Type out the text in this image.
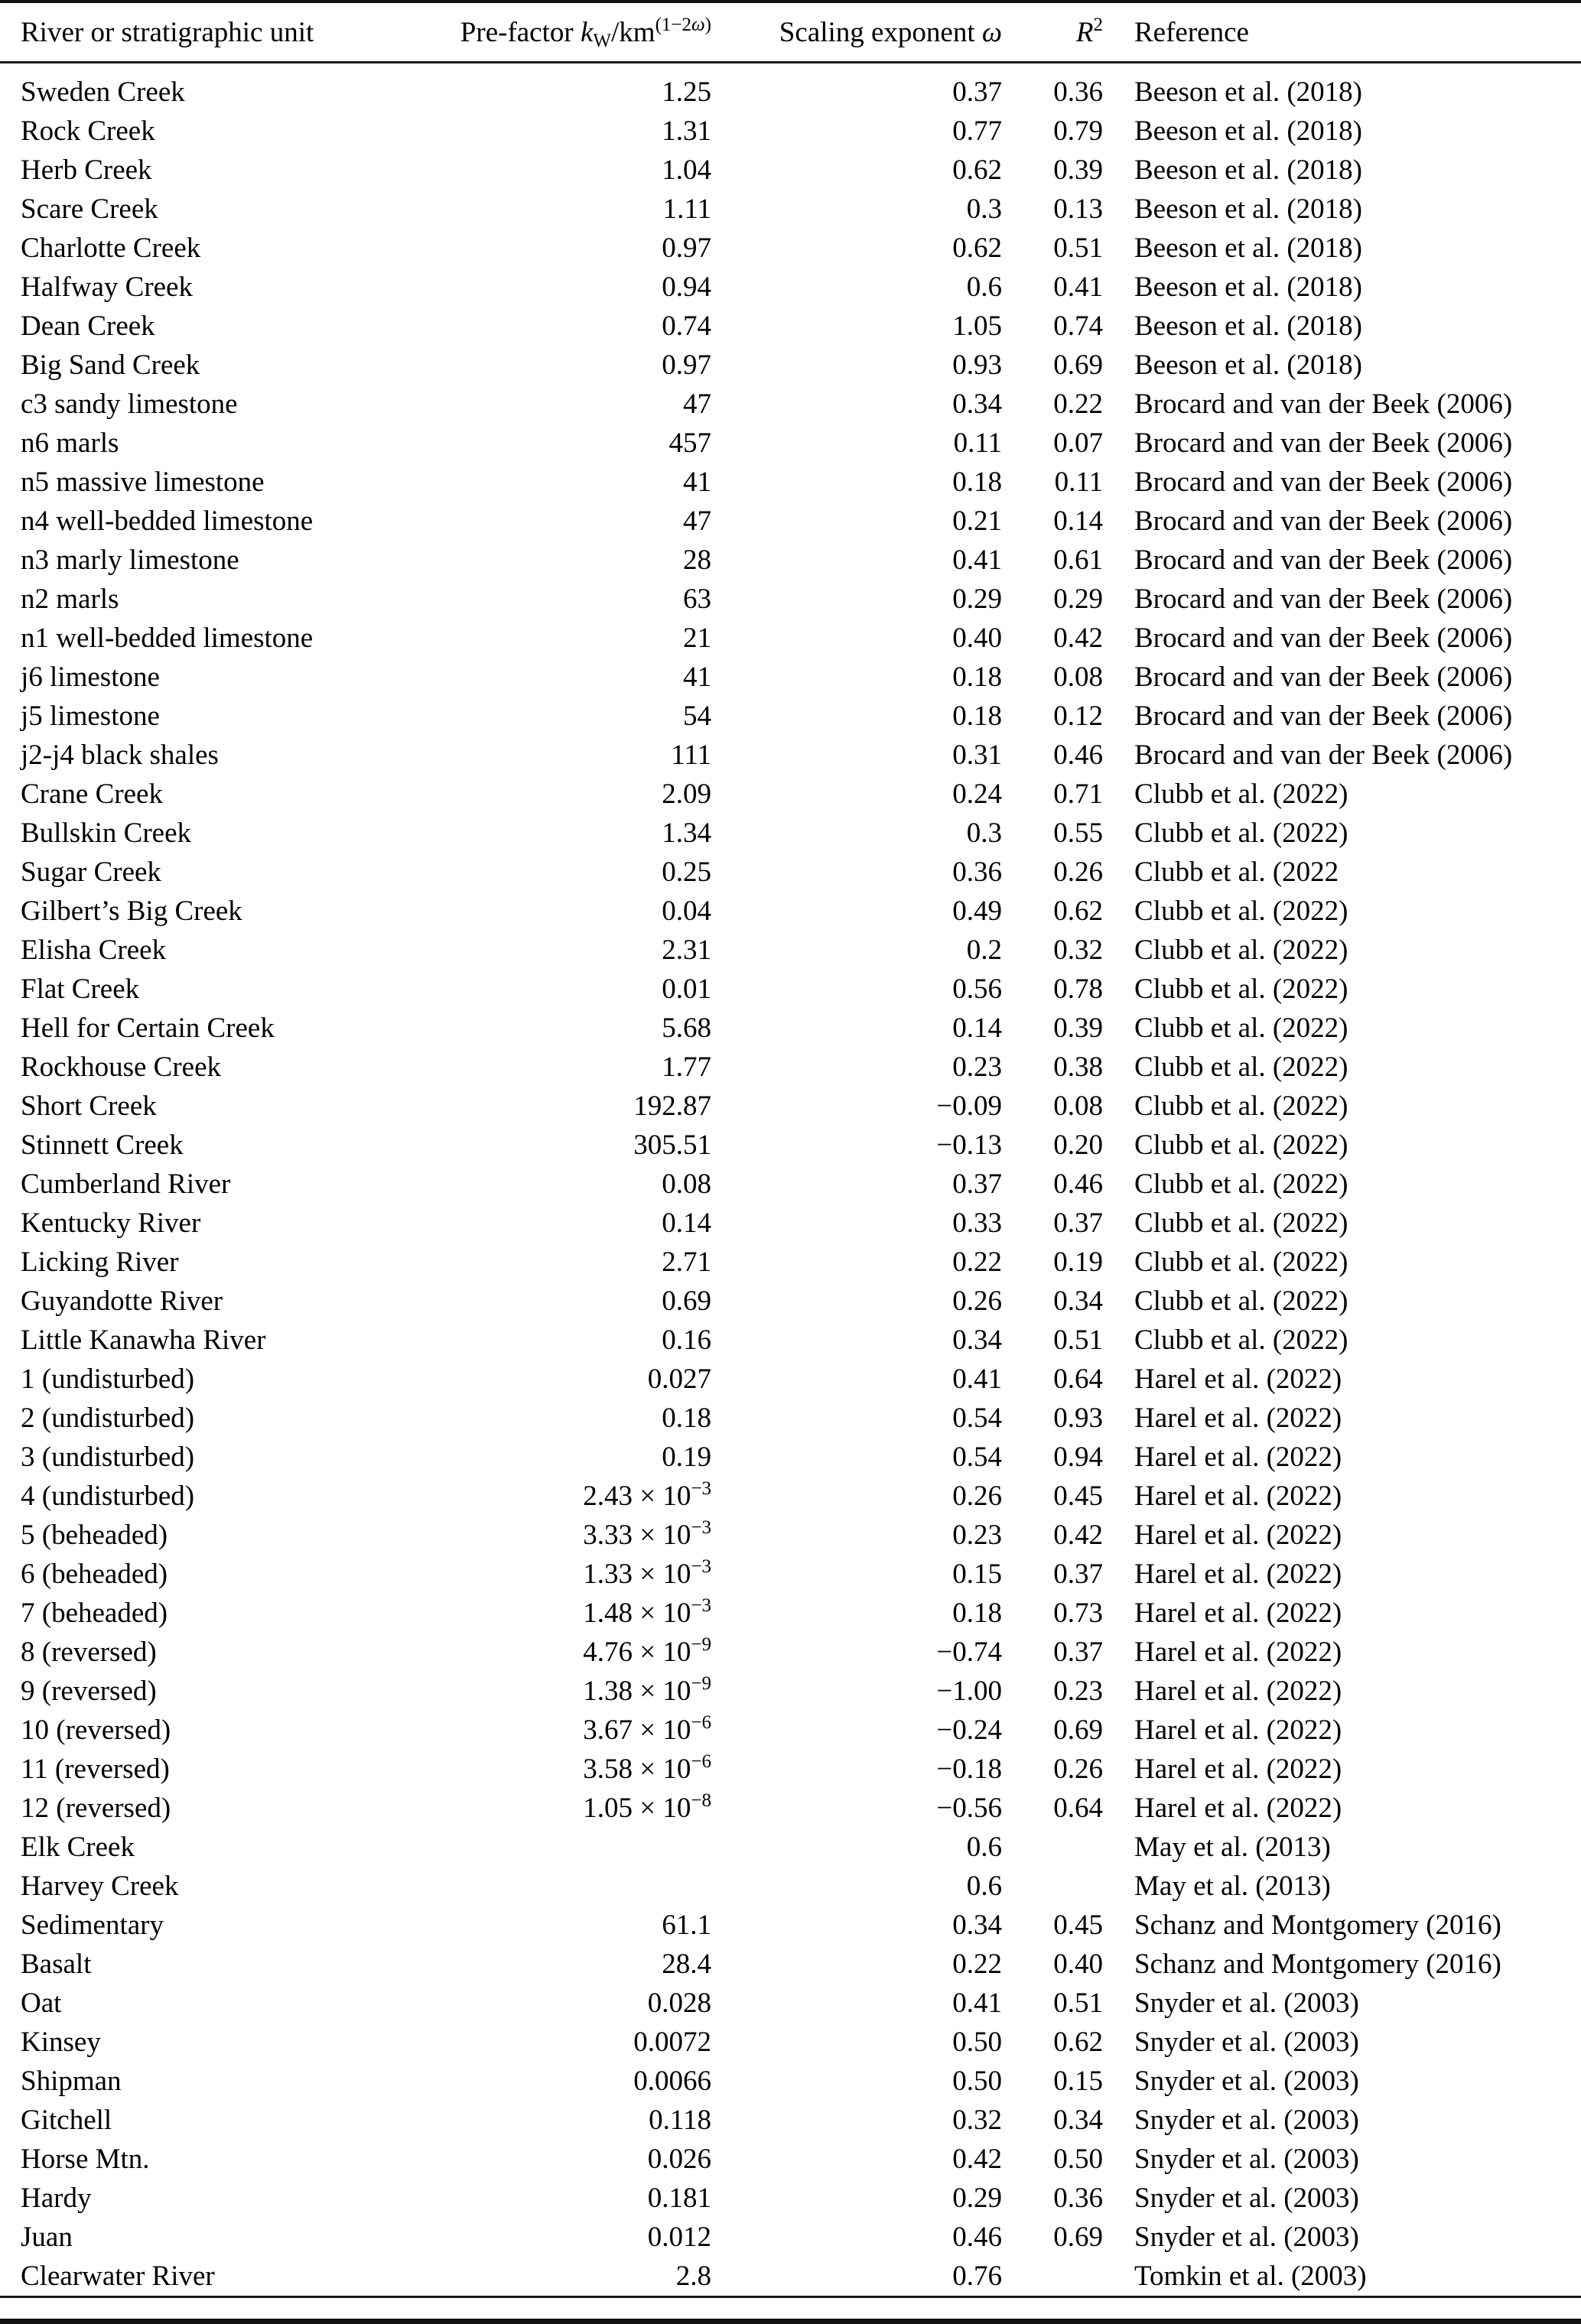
River or stratigraphic unit	Pre-factor $k_W/km^{(1-2\omega)}$	Scaling exponent ω	$R^2$	Reference
Sweden Creek	1.25	0.37	0.36	Beeson et al. (2018)
Rock Creek	1.31	0.77	0.79	Beeson et al. (2018)
Herb Creek	1.04	0.62	0.39	Beeson et al. (2018)
Scare Creek	1.11	0.3	0.13	Beeson et al. (2018)
Charlotte Creek	0.97	0.62	0.51	Beeson et al. (2018)
Halfway Creek	0.94	0.6	0.41	Beeson et al. (2018)
Dean Creek	0.74	1.05	0.74	Beeson et al. (2018)
Big Sand Creek	0.97	0.93	0.69	Beeson et al. (2018)
c3 sandy limestone	47	0.34	0.22	Brocard and van der Beek (2006)
n6 marls	457	0.11	0.07	Brocard and van der Beek (2006)
n5 massive limestone	41	0.18	0.11	Brocard and van der Beek (2006)
n4 well-bedded limestone	47	0.21	0.14	Brocard and van der Beek (2006)
n3 marly limestone	28	0.41	0.61	Brocard and van der Beek (2006)
n2 marls	63	0.29	0.29	Brocard and van der Beek (2006)
n1 well-bedded limestone	21	0.40	0.42	Brocard and van der Beek (2006)
j6 limestone	41	0.18	0.08	Brocard and van der Beek (2006)
j5 limestone	54	0.18	0.12	Brocard and van der Beek (2006)
j2-j4 black shales	111	0.31	0.46	Brocard and van der Beek (2006)
Crane Creek	2.09	0.24	0.71	Clubb et al. (2022)
Bullskin Creek	1.34	0.3	0.55	Clubb et al. (2022)
Sugar Creek	0.25	0.36	0.26	Clubb et al. (2022
Gilbert’s Big Creek	0.04	0.49	0.62	Clubb et al. (2022)
Elisha Creek	2.31	0.2	0.32	Clubb et al. (2022)
Flat Creek	0.01	0.56	0.78	Clubb et al. (2022)
Hell for Certain Creek	5.68	0.14	0.39	Clubb et al. (2022)
Rockhouse Creek	1.77	0.23	0.38	Clubb et al. (2022)
Short Creek	192.87	−0.09	0.08	Clubb et al. (2022)
Stinnett Creek	305.51	−0.13	0.20	Clubb et al. (2022)
Cumberland River	0.08	0.37	0.46	Clubb et al. (2022)
Kentucky River	0.14	0.33	0.37	Clubb et al. (2022)
Licking River	2.71	0.22	0.19	Clubb et al. (2022)
Guyandotte River	0.69	0.26	0.34	Clubb et al. (2022)
Little Kanawha River	0.16	0.34	0.51	Clubb et al. (2022)
1 (undisturbed)	0.027	0.41	0.64	Harel et al. (2022)
2 (undisturbed)	0.18	0.54	0.93	Harel et al. (2022)
3 (undisturbed)	0.19	0.54	0.94	Harel et al. (2022)
4 (undisturbed)	$2.43 \times 10^{-3}$	0.26	0.45	Harel et al. (2022)
5 (beheaded)	$3.33 \times 10^{-3}$	0.23	0.42	Harel et al. (2022)
6 (beheaded)	$1.33 \times 10^{-3}$	0.15	0.37	Harel et al. (2022)
7 (beheaded)	$1.48 \times 10^{-3}$	0.18	0.73	Harel et al. (2022)
8 (reversed)	$4.76 \times 10^{-9}$	−0.74	0.37	Harel et al. (2022)
9 (reversed)	$1.38 \times 10^{-9}$	−1.00	0.23	Harel et al. (2022)
10 (reversed)	$3.67 \times 10^{-6}$	−0.24	0.69	Harel et al. (2022)
11 (reversed)	$3.58 \times 10^{-6}$	−0.18	0.26	Harel et al. (2022)
12 (reversed)	$1.05 \times 10^{-8}$	−0.56	0.64	Harel et al. (2022)
Elk Creek		0.6		May et al. (2013)
Harvey Creek		0.6		May et al. (2013)
Sedimentary	61.1	0.34	0.45	Schanz and Montgomery (2016)
Basalt	28.4	0.22	0.40	Schanz and Montgomery (2016)
Oat	0.028	0.41	0.51	Snyder et al. (2003)
Kinsey	0.0072	0.50	0.62	Snyder et al. (2003)
Shipman	0.0066	0.50	0.15	Snyder et al. (2003)
Gitchell	0.118	0.32	0.34	Snyder et al. (2003)
Horse Mtn.	0.026	0.42	0.50	Snyder et al. (2003)
Hardy	0.181	0.29	0.36	Snyder et al. (2003)
Juan	0.012	0.46	0.69	Snyder et al. (2003)
Clearwater River	2.8	0.76		Tomkin et al. (2003)
